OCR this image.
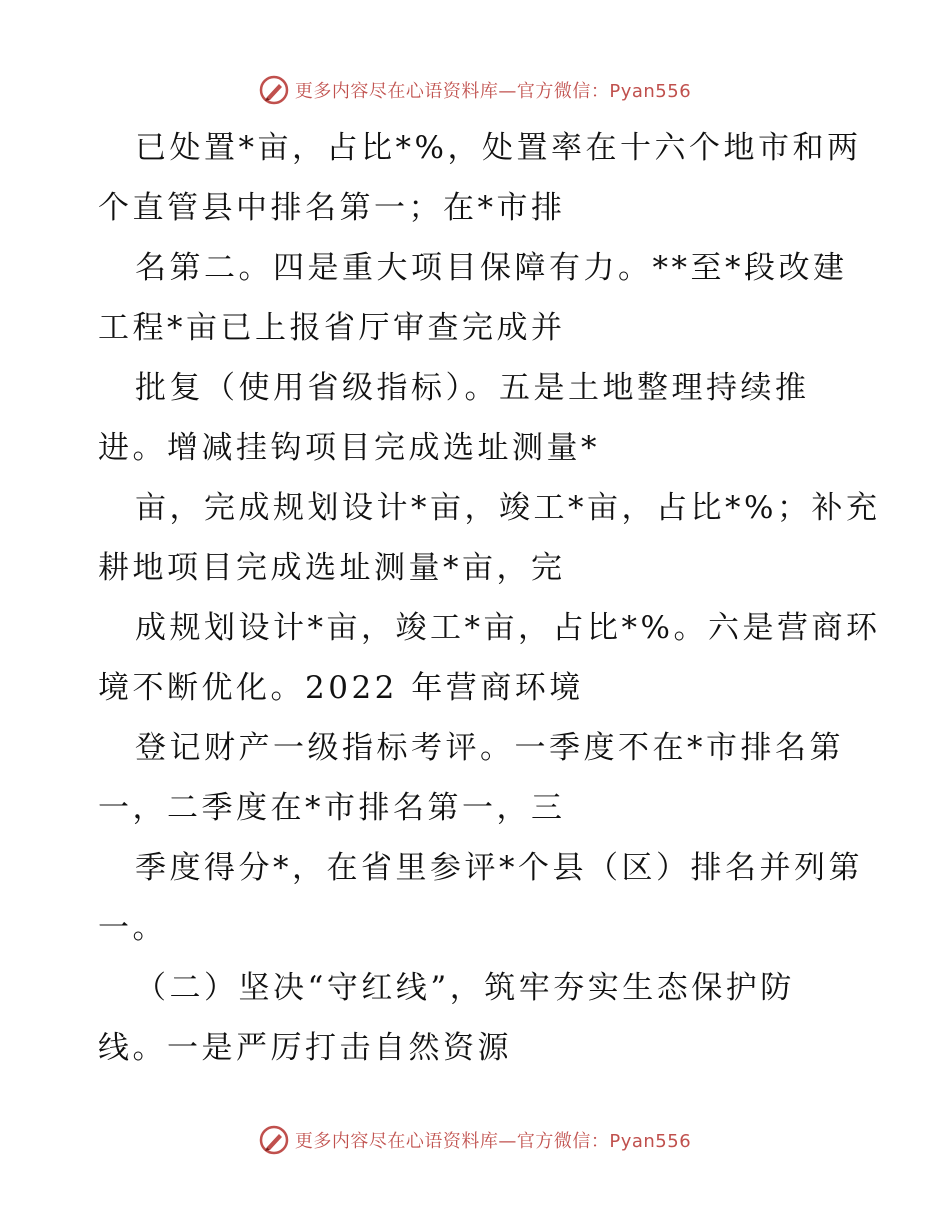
更多内容尽在心语资料库—官方微信：Pyan556
已处置*亩，占比*%，处置率在十六个地市和两
个直管县中排名第一；在*市排
名第二。四是重大项目保障有力。**至*段改建
工程*亩已上报省厅审查完成并
批复（使用省级指标）。五是土地整理持续推
进。增减挂钩项目完成选址测量*
亩，完成规划设计*亩，竣工*亩，占比*%；补充
耕地项目完成选址测量*亩，完
成规划设计*亩，竣工*亩，占比*%。六是营商环
境不断优化。2022 年营商环境
登记财产一级指标考评。一季度不在*市排名第
一，二季度在*市排名第一，三
季度得分*，在省里参评*个县（区）排名并列第
一。
（二）坚决“守红线”，筑牢夯实生态保护防
线。一是严厉打击自然资源
更多内容尽在心语资料库—官方微信：Pyan556
